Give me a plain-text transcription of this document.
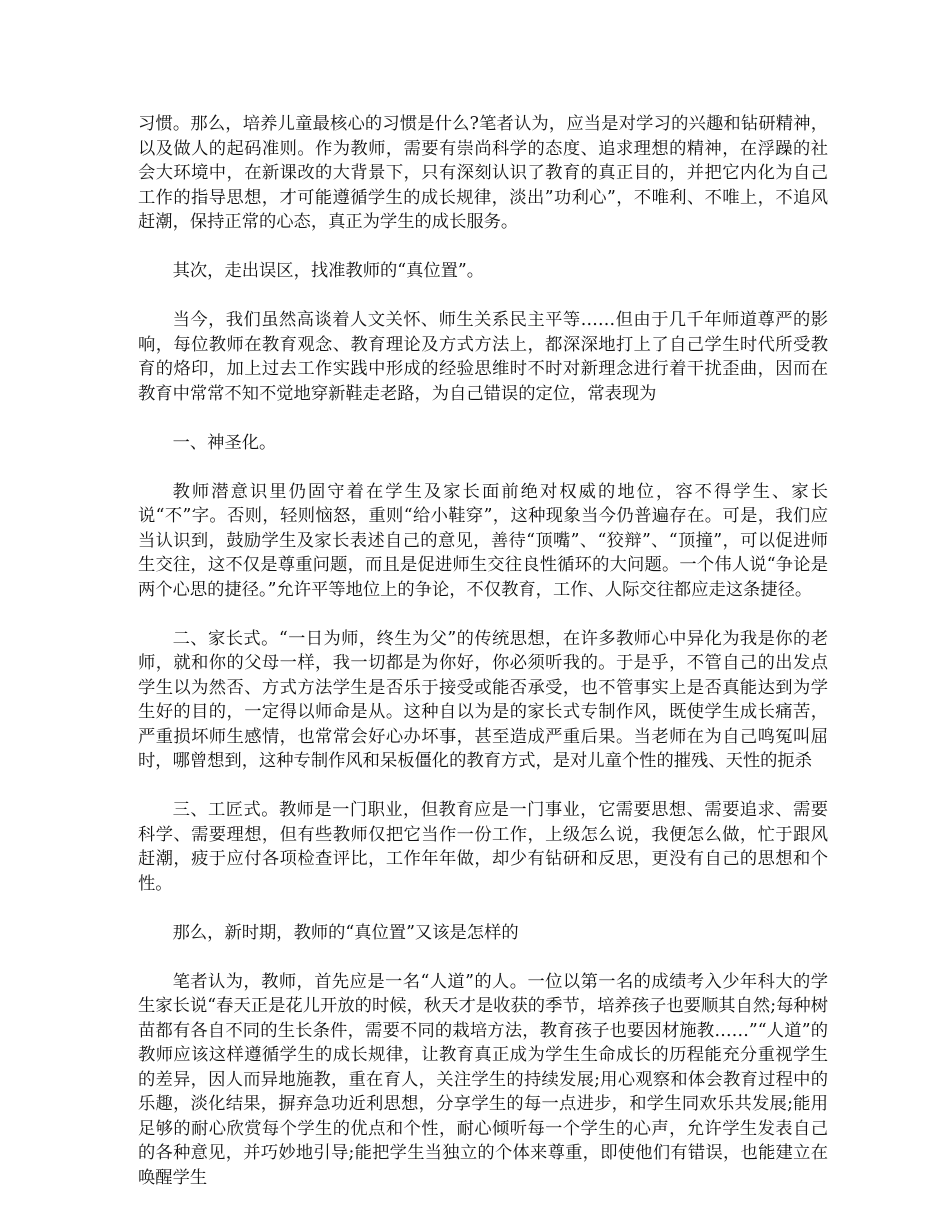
习惯。那么，培养儿童最核心的习惯是什么?笔者认为，应当是对学习的兴趣和钻研精神，以及做人的起码准则。作为教师，需要有崇尚科学的态度、追求理想的精神，在浮躁的社会大环境中，在新课改的大背景下，只有深刻认识了教育的真正目的，并把它内化为自己工作的指导思想，才可能遵循学生的成长规律，淡出”功利心”，不唯利、不唯上，不追风赶潮，保持正常的心态，真正为学生的成长服务。

其次，走出误区，找准教师的“真位置”。

当今，我们虽然高谈着人文关怀、师生关系民主平等……但由于几千年师道尊严的影响，每位教师在教育观念、教育理论及方式方法上，都深深地打上了自己学生时代所受教育的烙印，加上过去工作实践中形成的经验思维时不时对新理念进行着干扰歪曲，因而在教育中常常不知不觉地穿新鞋走老路，为自己错误的定位，常表现为

一、神圣化。

教师潜意识里仍固守着在学生及家长面前绝对权威的地位，容不得学生、家长说“不”字。否则，轻则恼怒，重则“给小鞋穿”，这种现象当今仍普遍存在。可是，我们应当认识到，鼓励学生及家长表述自己的意见，善待“顶嘴”、“狡辩”、“顶撞”，可以促进师生交往，这不仅是尊重问题，而且是促进师生交往良性循环的大问题。一个伟人说“争论是两个心思的捷径。”允许平等地位上的争论，不仅教育，工作、人际交往都应走这条捷径。

二、家长式。“一日为师，终生为父”的传统思想，在许多教师心中异化为我是你的老师，就和你的父母一样，我一切都是为你好，你必须听我的。于是乎，不管自己的出发点学生以为然否、方式方法学生是否乐于接受或能否承受，也不管事实上是否真能达到为学生好的目的，一定得以师命是从。这种自以为是的家长式专制作风，既使学生成长痛苦，严重损坏师生感情，也常常会好心办坏事，甚至造成严重后果。当老师在为自己鸣冤叫屈时，哪曾想到，这种专制作风和呆板僵化的教育方式，是对儿童个性的摧残、天性的扼杀

三、工匠式。教师是一门职业，但教育应是一门事业，它需要思想、需要追求、需要科学、需要理想，但有些教师仅把它当作一份工作，上级怎么说，我便怎么做，忙于跟风赶潮，疲于应付各项检查评比，工作年年做，却少有钻研和反思，更没有自己的思想和个性。

那么，新时期，教师的“真位置”又该是怎样的

笔者认为，教师，首先应是一名“人道”的人。一位以第一名的成绩考入少年科大的学生家长说“春天正是花儿开放的时候，秋天才是收获的季节，培养孩子也要顺其自然;每种树苗都有各自不同的生长条件，需要不同的栽培方法，教育孩子也要因材施教……”“人道”的教师应该这样遵循学生的成长规律，让教育真正成为学生生命成长的历程能充分重视学生的差异，因人而异地施教，重在育人，关注学生的持续发展;用心观察和体会教育过程中的乐趣，淡化结果，摒弃急功近利思想，分享学生的每一点进步，和学生同欢乐共发展;能用足够的耐心欣赏每个学生的优点和个性，耐心倾听每一个学生的心声，允许学生发表自己的各种意见，并巧妙地引导;能把学生当独立的个体来尊重，即使他们有错误，也能建立在唤醒学生
